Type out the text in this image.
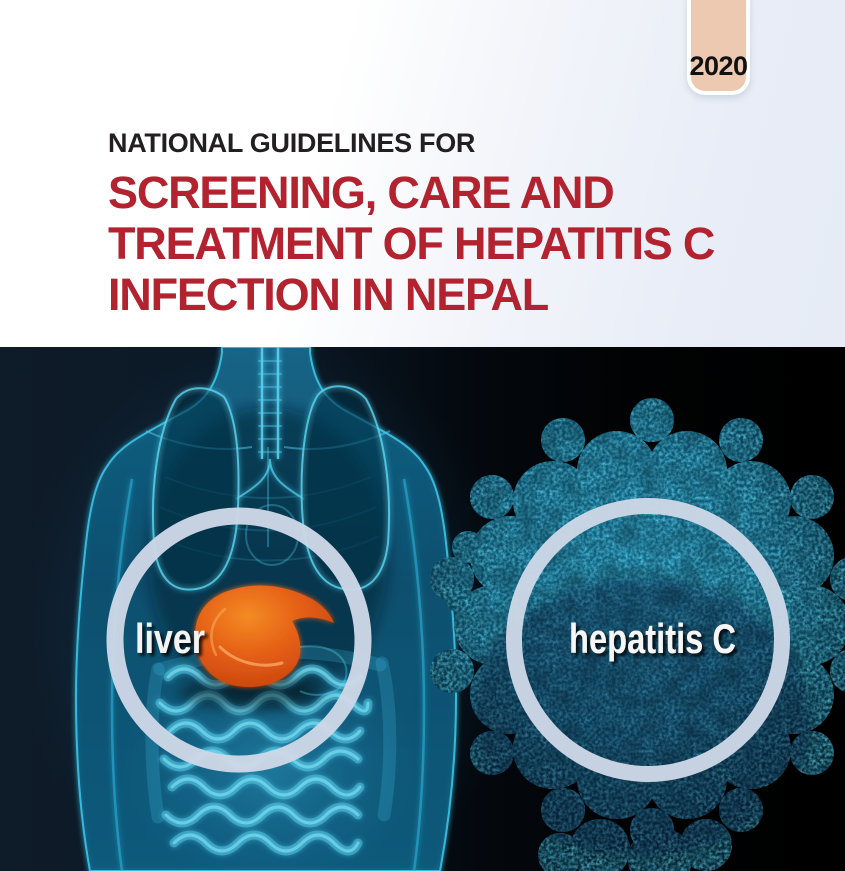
2020
NATIONAL GUIDELINES FOR
SCREENING, CARE AND
TREATMENT OF HEPATITIS C
INFECTION IN NEPAL
liver	hepatitis C
